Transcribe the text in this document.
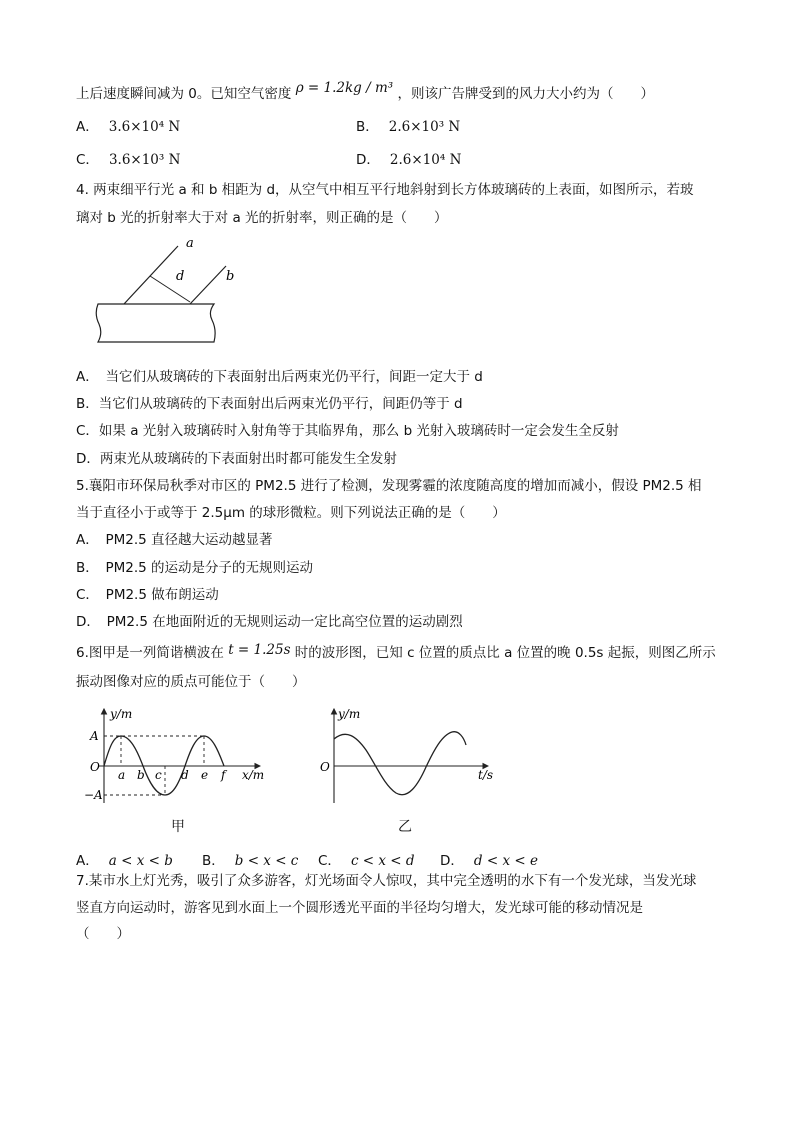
上后速度瞬间减为 0。已知空气密度 ρ = 1.2kg / m³ ，则该广告牌受到的风力大小约为（　　）
A． 3.6×10⁴ N	B． 2.6×10³ N
C． 3.6×10³ N	D． 2.6×10⁴ N
4. 两束细平行光 a 和 b 相距为 d，从空气中相互平行地斜射到长方体玻璃砖的上表面，如图所示，若玻
璃对 b 光的折射率大于对 a 光的折射率，则正确的是（　　）
a
b
d
A．　当它们从玻璃砖的下表面射出后两束光仍平行，间距一定大于 d
B．当它们从玻璃砖的下表面射出后两束光仍平行，间距仍等于 d
C．如果 a 光射入玻璃砖时入射角等于其临界角，那么 b 光射入玻璃砖时一定会发生全反射
D．两束光从玻璃砖的下表面射出时都可能发生全发射
5.襄阳市环保局秋季对市区的 PM2.5 进行了检测，发现雾霾的浓度随高度的增加而减小，假设 PM2.5 相
当于直径小于或等于 2.5μm 的球形微粒。则下列说法正确的是（　　）
A．　PM2.5 直径越大运动越显著
B．　PM2.5 的运动是分子的无规则运动
C．　PM2.5 做布朗运动
D．　PM2.5 在地面附近的无规则运动一定比高空位置的运动剧烈
6.图甲是一列简谐横波在 t = 1.25s 时的波形图，已知 c 位置的质点比 a 位置的晚 0.5s 起振，则图乙所示
振动图像对应的质点可能位于（　　）
y/m
x/m
O
A
−A
a b c d e f
甲
y/m
t/s
O
乙
A． a < x < b B． b < x < c C． c < x < d D． d < x < e
7.某市水上灯光秀，吸引了众多游客，灯光场面令人惊叹，其中完全透明的水下有一个发光球，当发光球
竖直方向运动时，游客见到水面上一个圆形透光平面的半径均匀增大，发光球可能的移动情况是
（　　）
